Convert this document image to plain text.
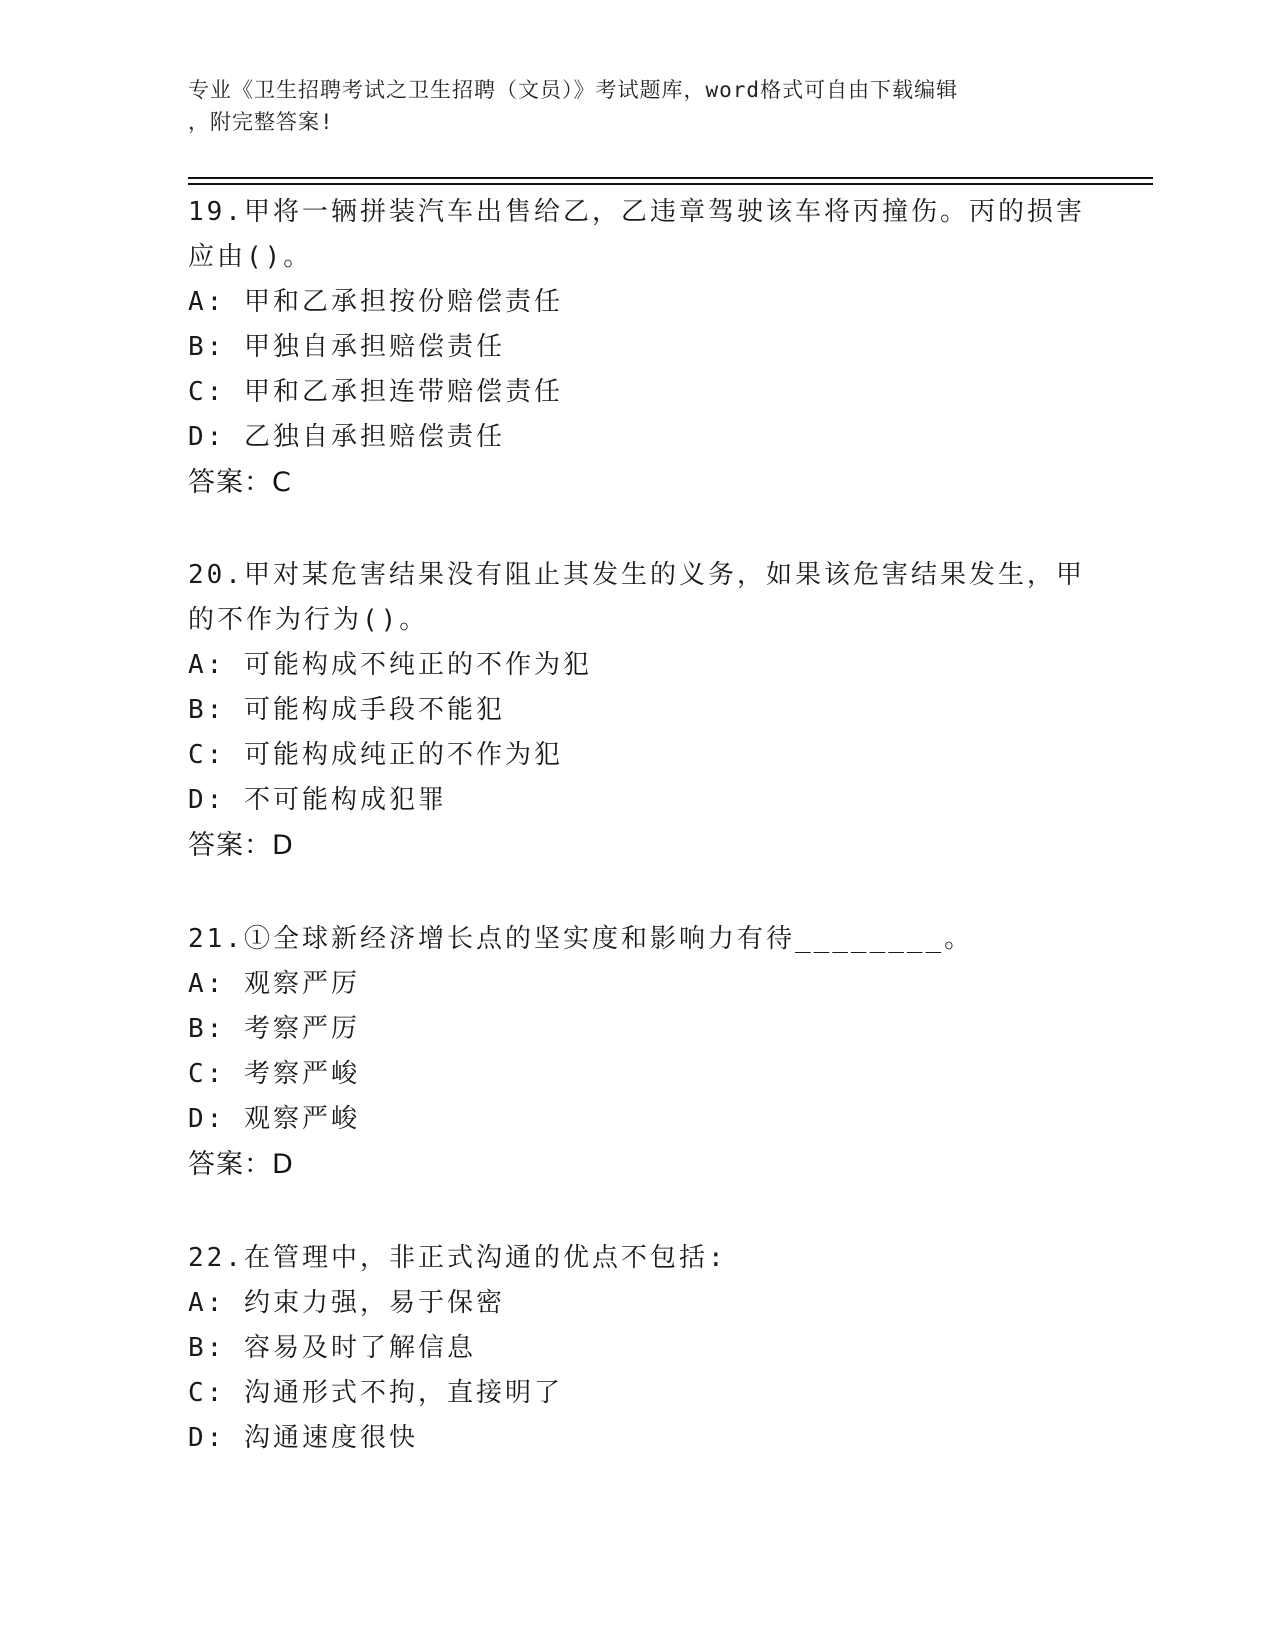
专业《卫生招聘考试之卫生招聘（文员）》考试题库，word格式可自由下载编辑
，附完整答案!

19.甲将一辆拼装汽车出售给乙，乙违章驾驶该车将丙撞伤。丙的损害应由()。

A: 甲和乙承担按份赔偿责任

B: 甲独自承担赔偿责任

C: 甲和乙承担连带赔偿责任

D: 乙独自承担赔偿责任

答案：C

20.甲对某危害结果没有阻止其发生的义务，如果该危害结果发生，甲的不作为行为()。

A: 可能构成不纯正的不作为犯

B: 可能构成手段不能犯

C: 可能构成纯正的不作为犯

D: 不可能构成犯罪

答案：D

21.①全球新经济增长点的坚实度和影响力有待________。

A: 观察严厉

B: 考察严厉

C: 考察严峻

D: 观察严峻

答案：D

22.在管理中，非正式沟通的优点不包括:

A: 约束力强，易于保密

B: 容易及时了解信息

C: 沟通形式不拘，直接明了

D: 沟通速度很快
